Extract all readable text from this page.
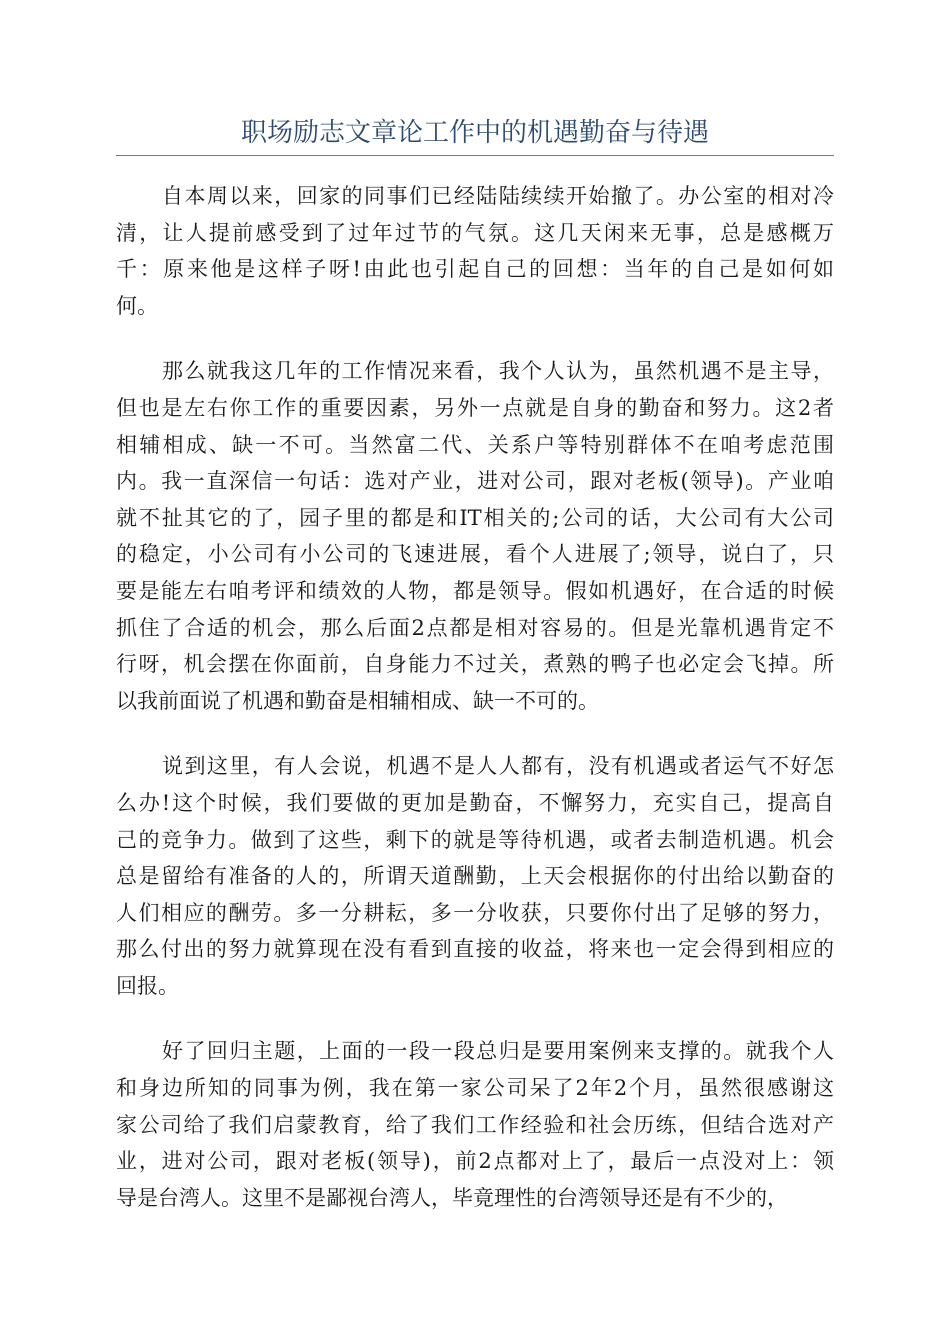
职场励志文章论工作中的机遇勤奋与待遇
自本周以来，回家的同事们已经陆陆续续开始撤了。办公室的相对冷
清，让人提前感受到了过年过节的气氛。这几天闲来无事，总是感概万
千：原来他是这样子呀!由此也引起自己的回想：当年的自己是如何如
何。
那么就我这几年的工作情况来看，我个人认为，虽然机遇不是主导，
但也是左右你工作的重要因素，另外一点就是自身的勤奋和努力。这2者
相辅相成、缺一不可。当然富二代、关系户等特别群体不在咱考虑范围
内。我一直深信一句话：选对产业，进对公司，跟对老板(领导)。产业咱
就不扯其它的了，园子里的都是和IT相关的;公司的话，大公司有大公司
的稳定，小公司有小公司的飞速进展，看个人进展了;领导，说白了，只
要是能左右咱考评和绩效的人物，都是领导。假如机遇好，在合适的时候
抓住了合适的机会，那么后面2点都是相对容易的。但是光靠机遇肯定不
行呀，机会摆在你面前，自身能力不过关，煮熟的鸭子也必定会飞掉。所
以我前面说了机遇和勤奋是相辅相成、缺一不可的。
说到这里，有人会说，机遇不是人人都有，没有机遇或者运气不好怎
么办!这个时候，我们要做的更加是勤奋，不懈努力，充实自己，提高自
己的竞争力。做到了这些，剩下的就是等待机遇，或者去制造机遇。机会
总是留给有准备的人的，所谓天道酬勤，上天会根据你的付出给以勤奋的
人们相应的酬劳。多一分耕耘，多一分收获，只要你付出了足够的努力，
那么付出的努力就算现在没有看到直接的收益，将来也一定会得到相应的
回报。
好了回归主题，上面的一段一段总归是要用案例来支撑的。就我个人
和身边所知的同事为例，我在第一家公司呆了2年2个月，虽然很感谢这
家公司给了我们启蒙教育，给了我们工作经验和社会历练，但结合选对产
业，进对公司，跟对老板(领导)，前2点都对上了，最后一点没对上：领
导是台湾人。这里不是鄙视台湾人，毕竟理性的台湾领导还是有不少的，
